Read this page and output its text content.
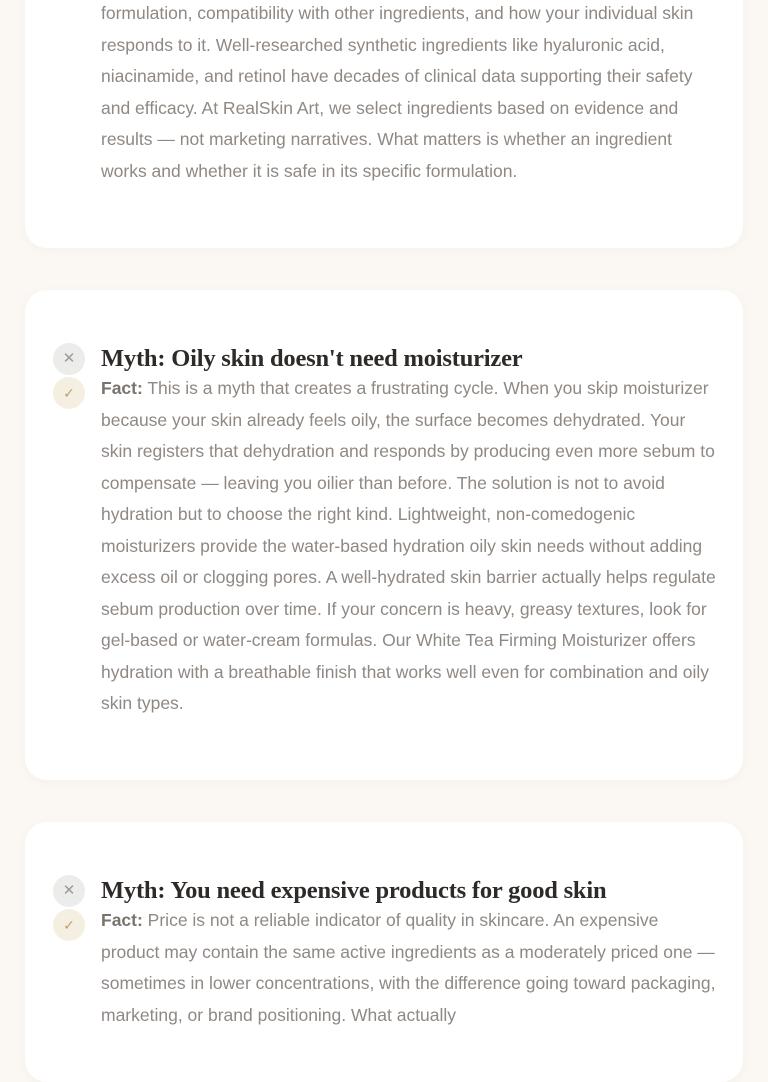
formulation, compatibility with other ingredients, and how your individual skin responds to it. Well-researched synthetic ingredients like hyaluronic acid, niacinamide, and retinol have decades of clinical data supporting their safety and efficacy. At RealSkin Art, we select ingredients based on evidence and results — not marketing narratives. What matters is whether an ingredient works and whether it is safe in its specific formulation.

✕	Myth: Oily skin doesn't need moisturizer
✓	Fact: This is a myth that creates a frustrating cycle. When you skip moisturizer because your skin already feels oily, the surface becomes dehydrated. Your skin registers that dehydration and responds by producing even more sebum to compensate — leaving you oilier than before. The solution is not to avoid hydration but to choose the right kind. Lightweight, non-comedogenic moisturizers provide the water-based hydration oily skin needs without adding excess oil or clogging pores. A well-hydrated skin barrier actually helps regulate sebum production over time. If your concern is heavy, greasy textures, look for gel-based or water-cream formulas. Our White Tea Firming Moisturizer offers hydration with a breathable finish that works well even for combination and oily skin types.

✕	Myth: You need expensive products for good skin
✓	Fact: Price is not a reliable indicator of quality in skincare. An expensive product may contain the same active ingredients as a moderately priced one — sometimes in lower concentrations, with the difference going toward packaging, marketing, or brand positioning. What actually
